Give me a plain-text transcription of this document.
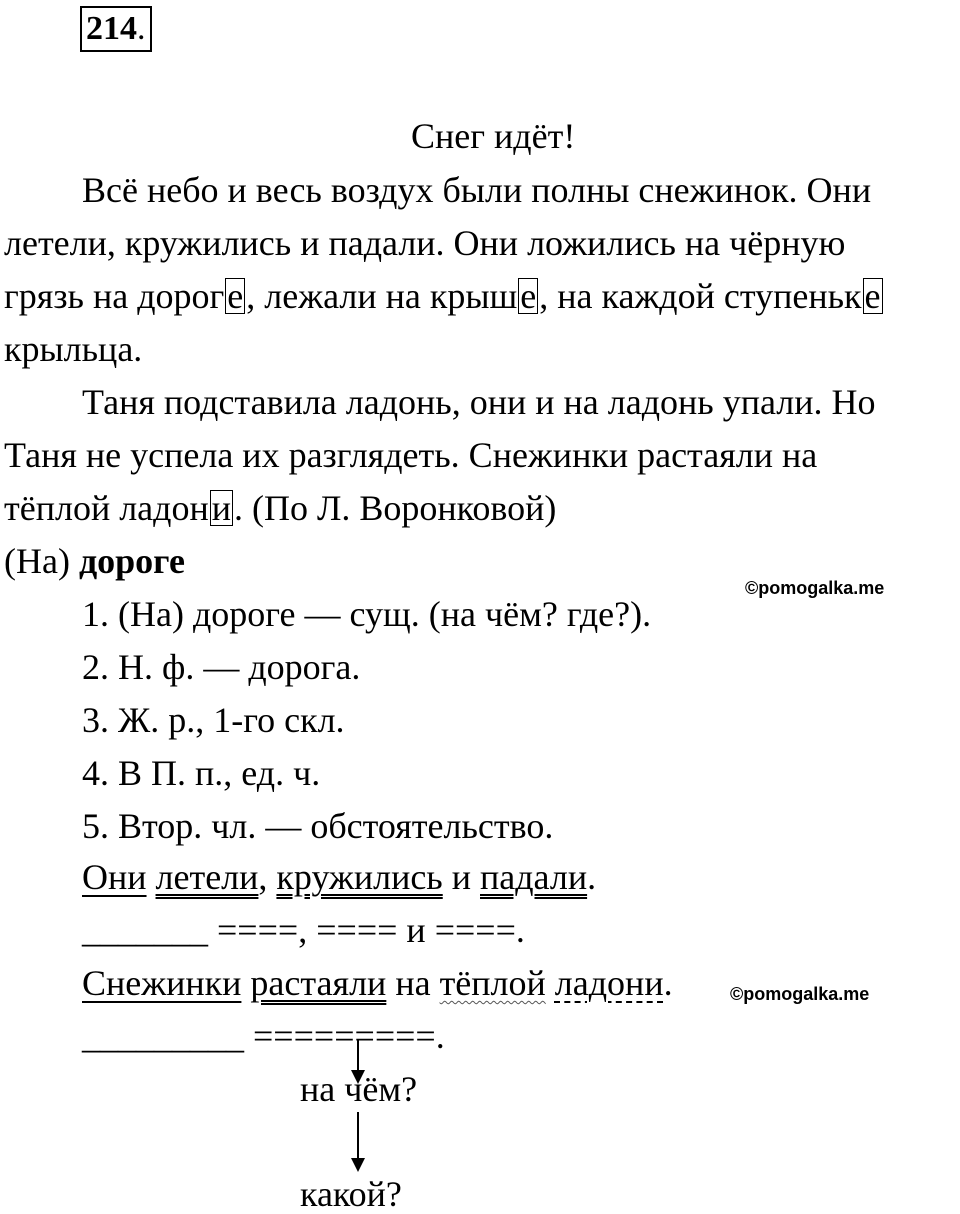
214.
Снег идёт!
Всё небо и весь воздух были полны снежинок. Они
летели, кружились и падали. Они ложились на чёрную
грязь на дороге, лежали на крыше, на каждой ступеньке
крыльца.
Таня подставила ладонь, они и на ладонь упали. Но
Таня не успела их разглядеть. Снежинки растаяли на
тёплой ладони. (По Л. Воронковой)
(На) дороге
©pomogalka.me
1. (На) дороге — сущ. (на чём? где?).
2. Н. ф. — дорога.
3. Ж. р., 1-го скл.
4. В П. п., ед. ч.
5. Втор. чл. — обстоятельство.
Они летели, кружились и падали.
_______ ====, ==== и ====.
Снежинки растаяли на тёплой ладони.	©pomogalka.me
_________ =========.
на чём?
какой?
